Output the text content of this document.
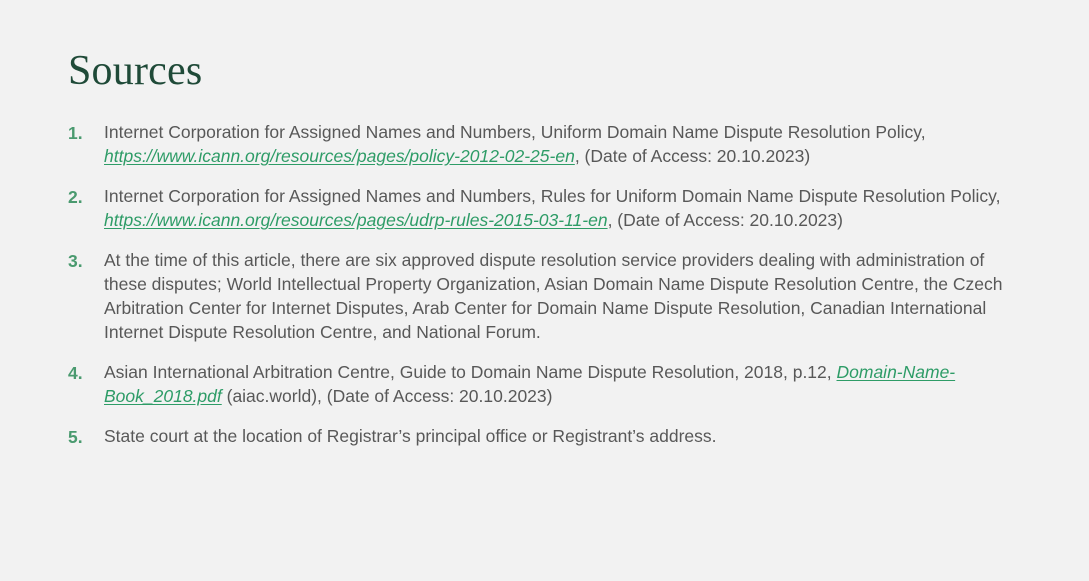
Sources
1.	Internet Corporation for Assigned Names and Numbers, Uniform Domain Name Dispute Resolution Policy, https://www.icann.org/resources/pages/policy-2012-02-25-en, (Date of Access: 20.10.2023)
2.	Internet Corporation for Assigned Names and Numbers, Rules for Uniform Domain Name Dispute Resolution Policy, https://www.icann.org/resources/pages/udrp-rules-2015-03-11-en, (Date of Access: 20.10.2023)
3.	At the time of this article, there are six approved dispute resolution service providers dealing with administration of these disputes; World Intellectual Property Organization, Asian Domain Name Dispute Resolution Centre, the Czech Arbitration Center for Internet Disputes, Arab Center for Domain Name Dispute Resolution, Canadian International Internet Dispute Resolution Centre, and National Forum.
4.	Asian International Arbitration Centre, Guide to Domain Name Dispute Resolution, 2018, p.12, Domain-Name-Book_2018.pdf (aiac.world), (Date of Access: 20.10.2023)
5.	State court at the location of Registrar’s principal office or Registrant’s address.
